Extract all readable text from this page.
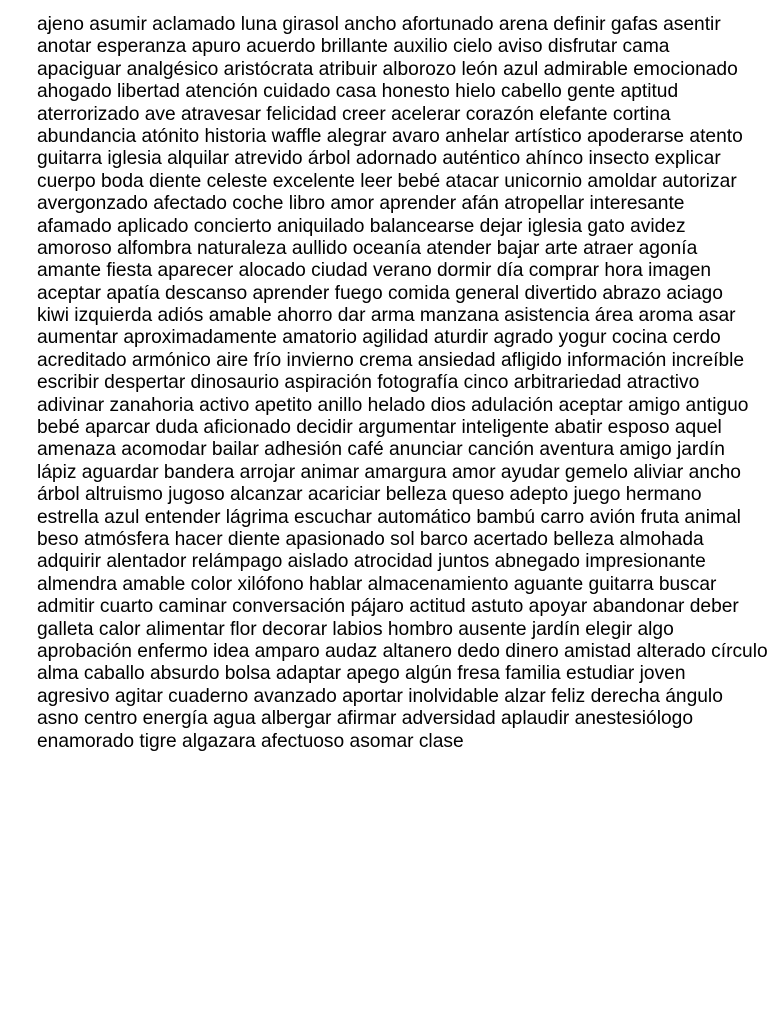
ajeno asumir aclamado luna girasol ancho afortunado arena definir gafas asentir
anotar esperanza apuro acuerdo brillante auxilio cielo aviso disfrutar cama
apaciguar analgésico aristócrata atribuir alborozo león azul admirable emocionado
ahogado libertad atención cuidado casa honesto hielo cabello gente aptitud
aterrorizado ave atravesar felicidad creer acelerar corazón elefante cortina
abundancia atónito historia waffle alegrar avaro anhelar artístico apoderarse atento
guitarra iglesia alquilar atrevido árbol adornado auténtico ahínco insecto explicar
cuerpo boda diente celeste excelente leer bebé atacar unicornio amoldar autorizar
avergonzado afectado coche libro amor aprender afán atropellar interesante
afamado aplicado concierto aniquilado balancearse dejar iglesia gato avidez
amoroso alfombra naturaleza aullido oceanía atender bajar arte atraer agonía
amante fiesta aparecer alocado ciudad verano dormir día comprar hora imagen
aceptar apatía descanso aprender fuego comida general divertido abrazo aciago
kiwi izquierda adiós amable ahorro dar arma manzana asistencia área aroma asar
aumentar aproximadamente amatorio agilidad aturdir agrado yogur cocina cerdo
acreditado armónico aire frío invierno crema ansiedad afligido información increíble
escribir despertar dinosaurio aspiración fotografía cinco arbitrariedad atractivo
adivinar zanahoria activo apetito anillo helado dios adulación aceptar amigo antiguo
bebé aparcar duda aficionado decidir argumentar inteligente abatir esposo aquel
amenaza acomodar bailar adhesión café anunciar canción aventura amigo jardín
lápiz aguardar bandera arrojar animar amargura amor ayudar gemelo aliviar ancho
árbol altruismo jugoso alcanzar acariciar belleza queso adepto juego hermano
estrella azul entender lágrima escuchar automático bambú carro avión fruta animal
beso atmósfera hacer diente apasionado sol barco acertado belleza almohada
adquirir alentador relámpago aislado atrocidad juntos abnegado impresionante
almendra amable color xilófono hablar almacenamiento aguante guitarra buscar
admitir cuarto caminar conversación pájaro actitud astuto apoyar abandonar deber
galleta calor alimentar flor decorar labios hombro ausente jardín elegir algo
aprobación enfermo idea amparo audaz altanero dedo dinero amistad alterado círculo
alma caballo absurdo bolsa adaptar apego algún fresa familia estudiar joven
agresivo agitar cuaderno avanzado aportar inolvidable alzar feliz derecha ángulo
asno centro energía agua albergar afirmar adversidad aplaudir anestesiólogo
enamorado tigre algazara afectuoso asomar clase
